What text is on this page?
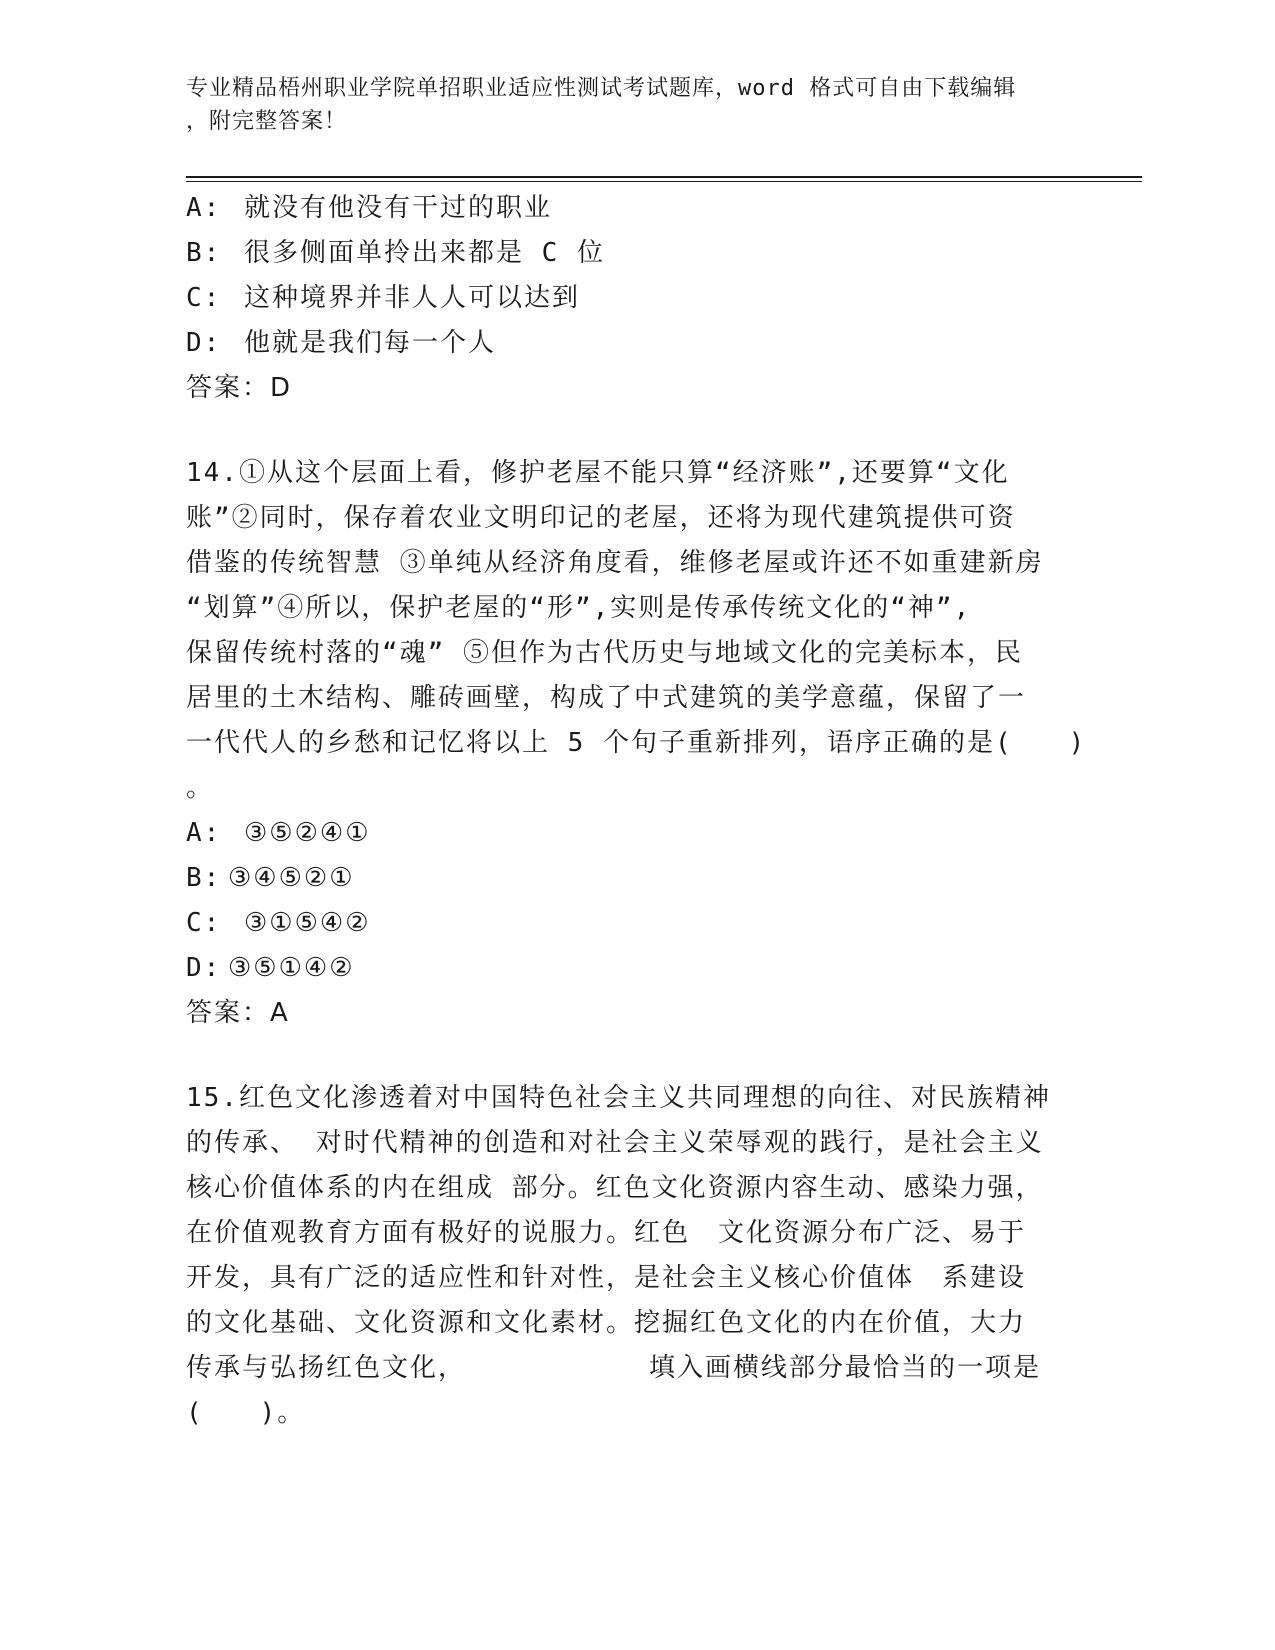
专业精品梧州职业学院单招职业适应性测试考试题库，word 格式可自由下载编辑
，附完整答案！
A: 就没有他没有干过的职业
B: 很多侧面单拎出来都是 C 位
C: 这种境界并非人人可以达到
D: 他就是我们每一个人
答案：D
14.①从这个层面上看，修护老屋不能只算“经济账”,还要算“文化
账”②同时，保存着农业文明印记的老屋，还将为现代建筑提供可资
借鉴的传统智慧 ③单纯从经济角度看，维修老屋或许还不如重建新房
“划算”④所以，保护老屋的“形”,实则是传承传统文化的“神”,
保留传统村落的“魂” ⑤但作为古代历史与地域文化的完美标本，民
居里的土木结构、雕砖画壁，构成了中式建筑的美学意蕴，保留了一
一代代人的乡愁和记忆将以上 5 个句子重新排列，语序正确的是(　　)
。
A: ③⑤②④①
B: ③④⑤②①
C: ③①⑤④②
D: ③⑤①④②
答案：A
15.红色文化渗透着对中国特色社会主义共同理想的向往、对民族精神
的传承、 对时代精神的创造和对社会主义荣辱观的践行，是社会主义
核心价值体系的内在组成 部分。红色文化资源内容生动、感染力强，
在价值观教育方面有极好的说服力。红色　文化资源分布广泛、易于
开发，具有广泛的适应性和针对性，是社会主义核心价值体　系建设
的文化基础、文化资源和文化素材。挖掘红色文化的内在价值，大力
传承与弘扬红色文化，　　　　　　　填入画横线部分最恰当的一项是
(　　)。
